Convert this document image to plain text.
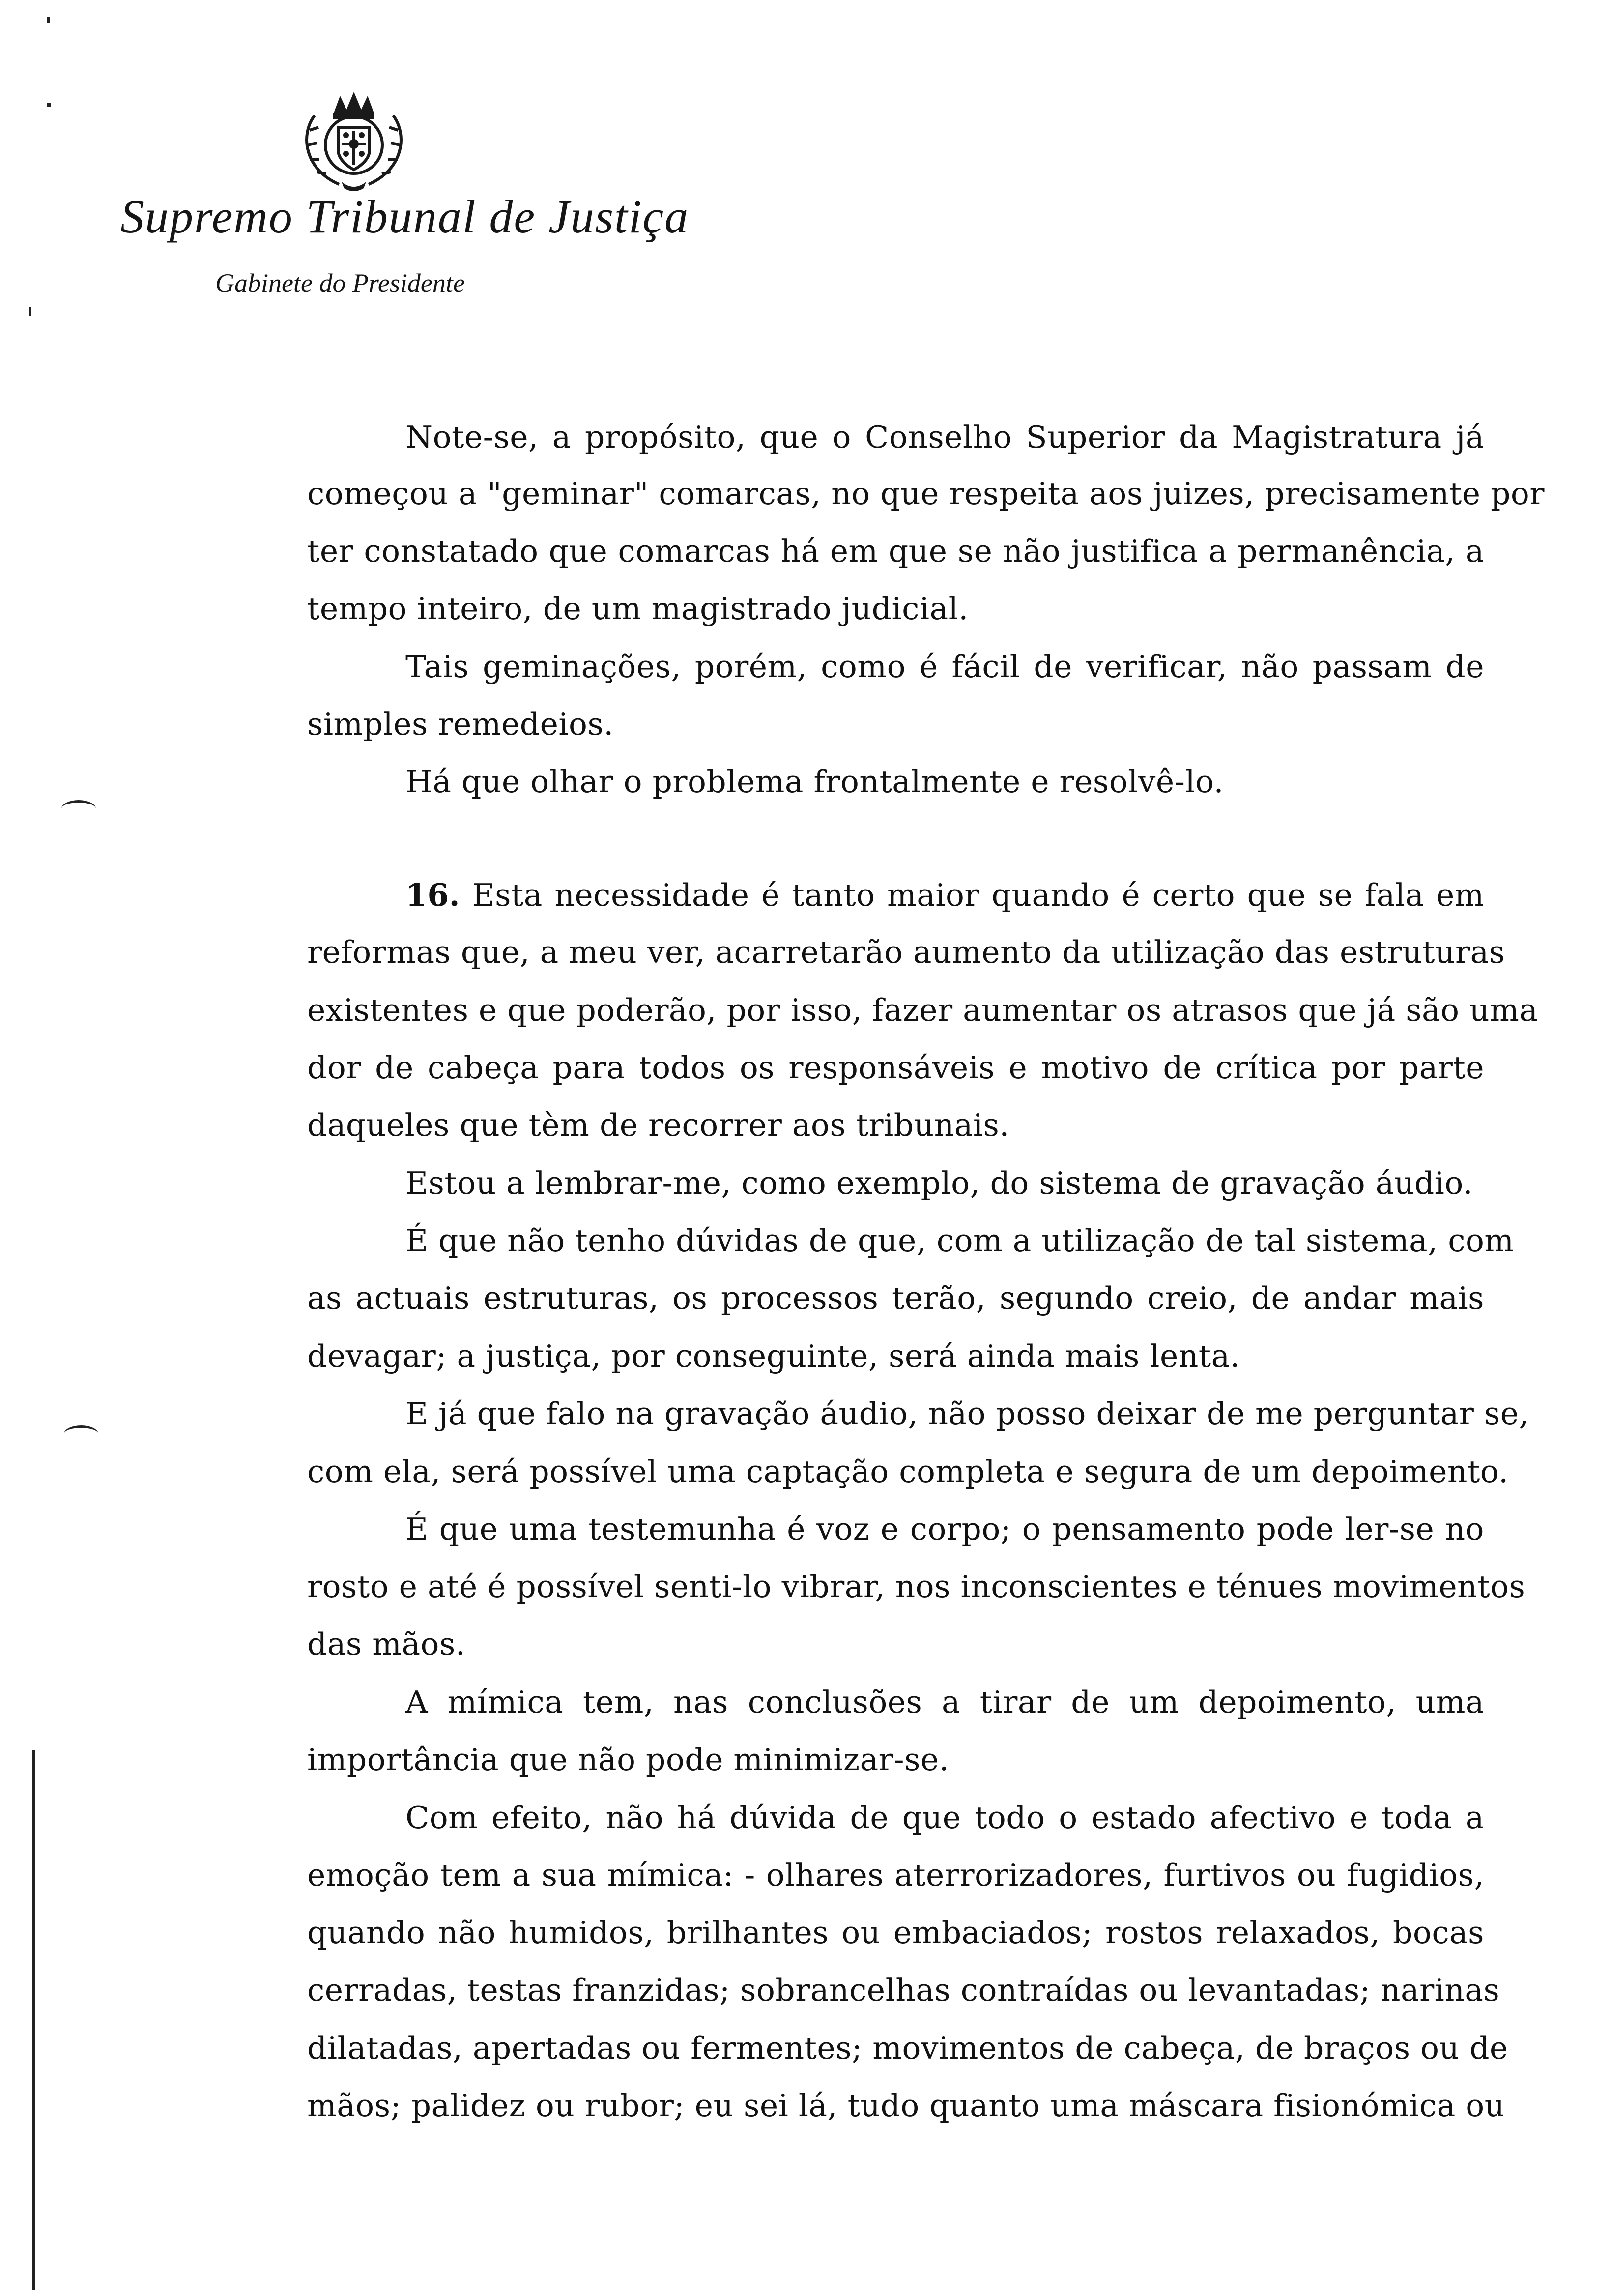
Supremo Tribunal de Justiça
Gabinete do Presidente
Note-se, a propósito, que o Conselho Superior da Magistratura já
começou a "geminar" comarcas, no que respeita aos juizes, precisamente por
ter constatado que comarcas há em que se não justifica a permanência, a
tempo inteiro, de um magistrado judicial.
Tais geminações, porém, como é fácil de verificar, não passam de
simples remedeios.
Há que olhar o problema frontalmente e resolvê-lo.
16. Esta necessidade é tanto maior quando é certo que se fala em
reformas que, a meu ver, acarretarão aumento da utilização das estruturas
existentes e que poderão, por isso, fazer aumentar os atrasos que já são uma
dor de cabeça para todos os responsáveis e motivo de crítica por parte
daqueles que tèm de recorrer aos tribunais.
Estou a lembrar-me, como exemplo, do sistema de gravação áudio.
É que não tenho dúvidas de que, com a utilização de tal sistema, com
as actuais estruturas, os processos terão, segundo creio, de andar mais
devagar; a justiça, por conseguinte, será ainda mais lenta.
E já que falo na gravação áudio, não posso deixar de me perguntar se,
com ela, será possível uma captação completa e segura de um depoimento.
É que uma testemunha é voz e corpo; o pensamento pode ler-se no
rosto e até é possível senti-lo vibrar, nos inconscientes e ténues movimentos
das mãos.
A mímica tem, nas conclusões a tirar de um depoimento, uma
importância que não pode minimizar-se.
Com efeito, não há dúvida de que todo o estado afectivo e toda a
emoção tem a sua mímica: - olhares aterrorizadores, furtivos ou fugidios,
quando não humidos, brilhantes ou embaciados; rostos relaxados, bocas
cerradas, testas franzidas; sobrancelhas contraídas ou levantadas; narinas
dilatadas, apertadas ou fermentes; movimentos de cabeça, de braços ou de
mãos; palidez ou rubor; eu sei lá, tudo quanto uma máscara fisionómica ou
